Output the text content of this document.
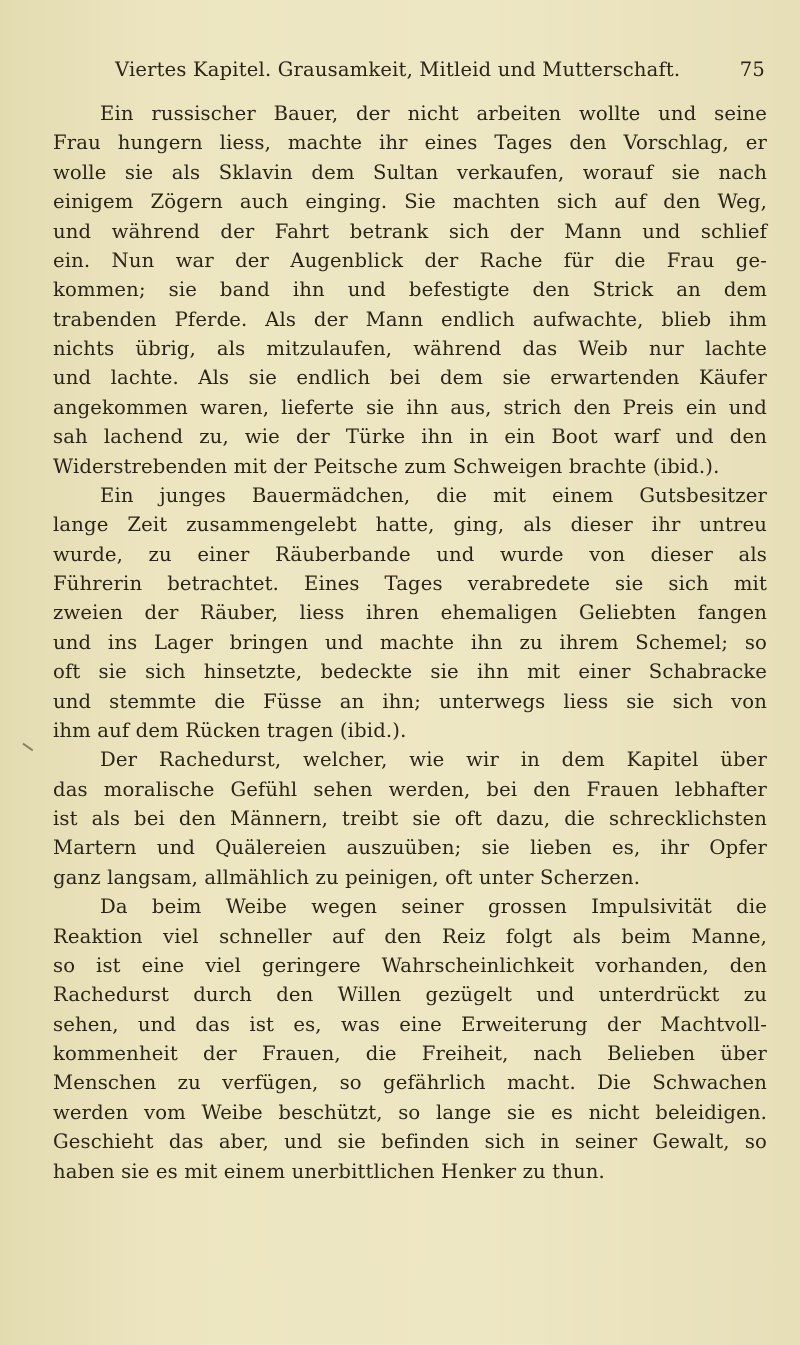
Viertes Kapitel. Grausamkeit, Mitleid und Mutterschaft.	75
Ein russischer Bauer, der nicht arbeiten wollte und seine
Frau hungern liess, machte ihr eines Tages den Vorschlag, er
wolle sie als Sklavin dem Sultan verkaufen, worauf sie nach
einigem Zögern auch einging. Sie machten sich auf den Weg,
und während der Fahrt betrank sich der Mann und schlief
ein. Nun war der Augenblick der Rache für die Frau ge-
kommen; sie band ihn und befestigte den Strick an dem
trabenden Pferde. Als der Mann endlich aufwachte, blieb ihm
nichts übrig, als mitzulaufen, während das Weib nur lachte
und lachte. Als sie endlich bei dem sie erwartenden Käufer
angekommen waren, lieferte sie ihn aus, strich den Preis ein und
sah lachend zu, wie der Türke ihn in ein Boot warf und den
Widerstrebenden mit der Peitsche zum Schweigen brachte (ibid.).
Ein junges Bauermädchen, die mit einem Gutsbesitzer
lange Zeit zusammengelebt hatte, ging, als dieser ihr untreu
wurde, zu einer Räuberbande und wurde von dieser als
Führerin betrachtet. Eines Tages verabredete sie sich mit
zweien der Räuber, liess ihren ehemaligen Geliebten fangen
und ins Lager bringen und machte ihn zu ihrem Schemel; so
oft sie sich hinsetzte, bedeckte sie ihn mit einer Schabracke
und stemmte die Füsse an ihn; unterwegs liess sie sich von
ihm auf dem Rücken tragen (ibid.).
Der Rachedurst, welcher, wie wir in dem Kapitel über
das moralische Gefühl sehen werden, bei den Frauen lebhafter
ist als bei den Männern, treibt sie oft dazu, die schrecklichsten
Martern und Quälereien auszuüben; sie lieben es, ihr Opfer
ganz langsam, allmählich zu peinigen, oft unter Scherzen.
Da beim Weibe wegen seiner grossen Impulsivität die
Reaktion viel schneller auf den Reiz folgt als beim Manne,
so ist eine viel geringere Wahrscheinlichkeit vorhanden, den
Rachedurst durch den Willen gezügelt und unterdrückt zu
sehen, und das ist es, was eine Erweiterung der Machtvoll-
kommenheit der Frauen, die Freiheit, nach Belieben über
Menschen zu verfügen, so gefährlich macht. Die Schwachen
werden vom Weibe beschützt, so lange sie es nicht beleidigen.
Geschieht das aber, und sie befinden sich in seiner Gewalt, so
haben sie es mit einem unerbittlichen Henker zu thun.
